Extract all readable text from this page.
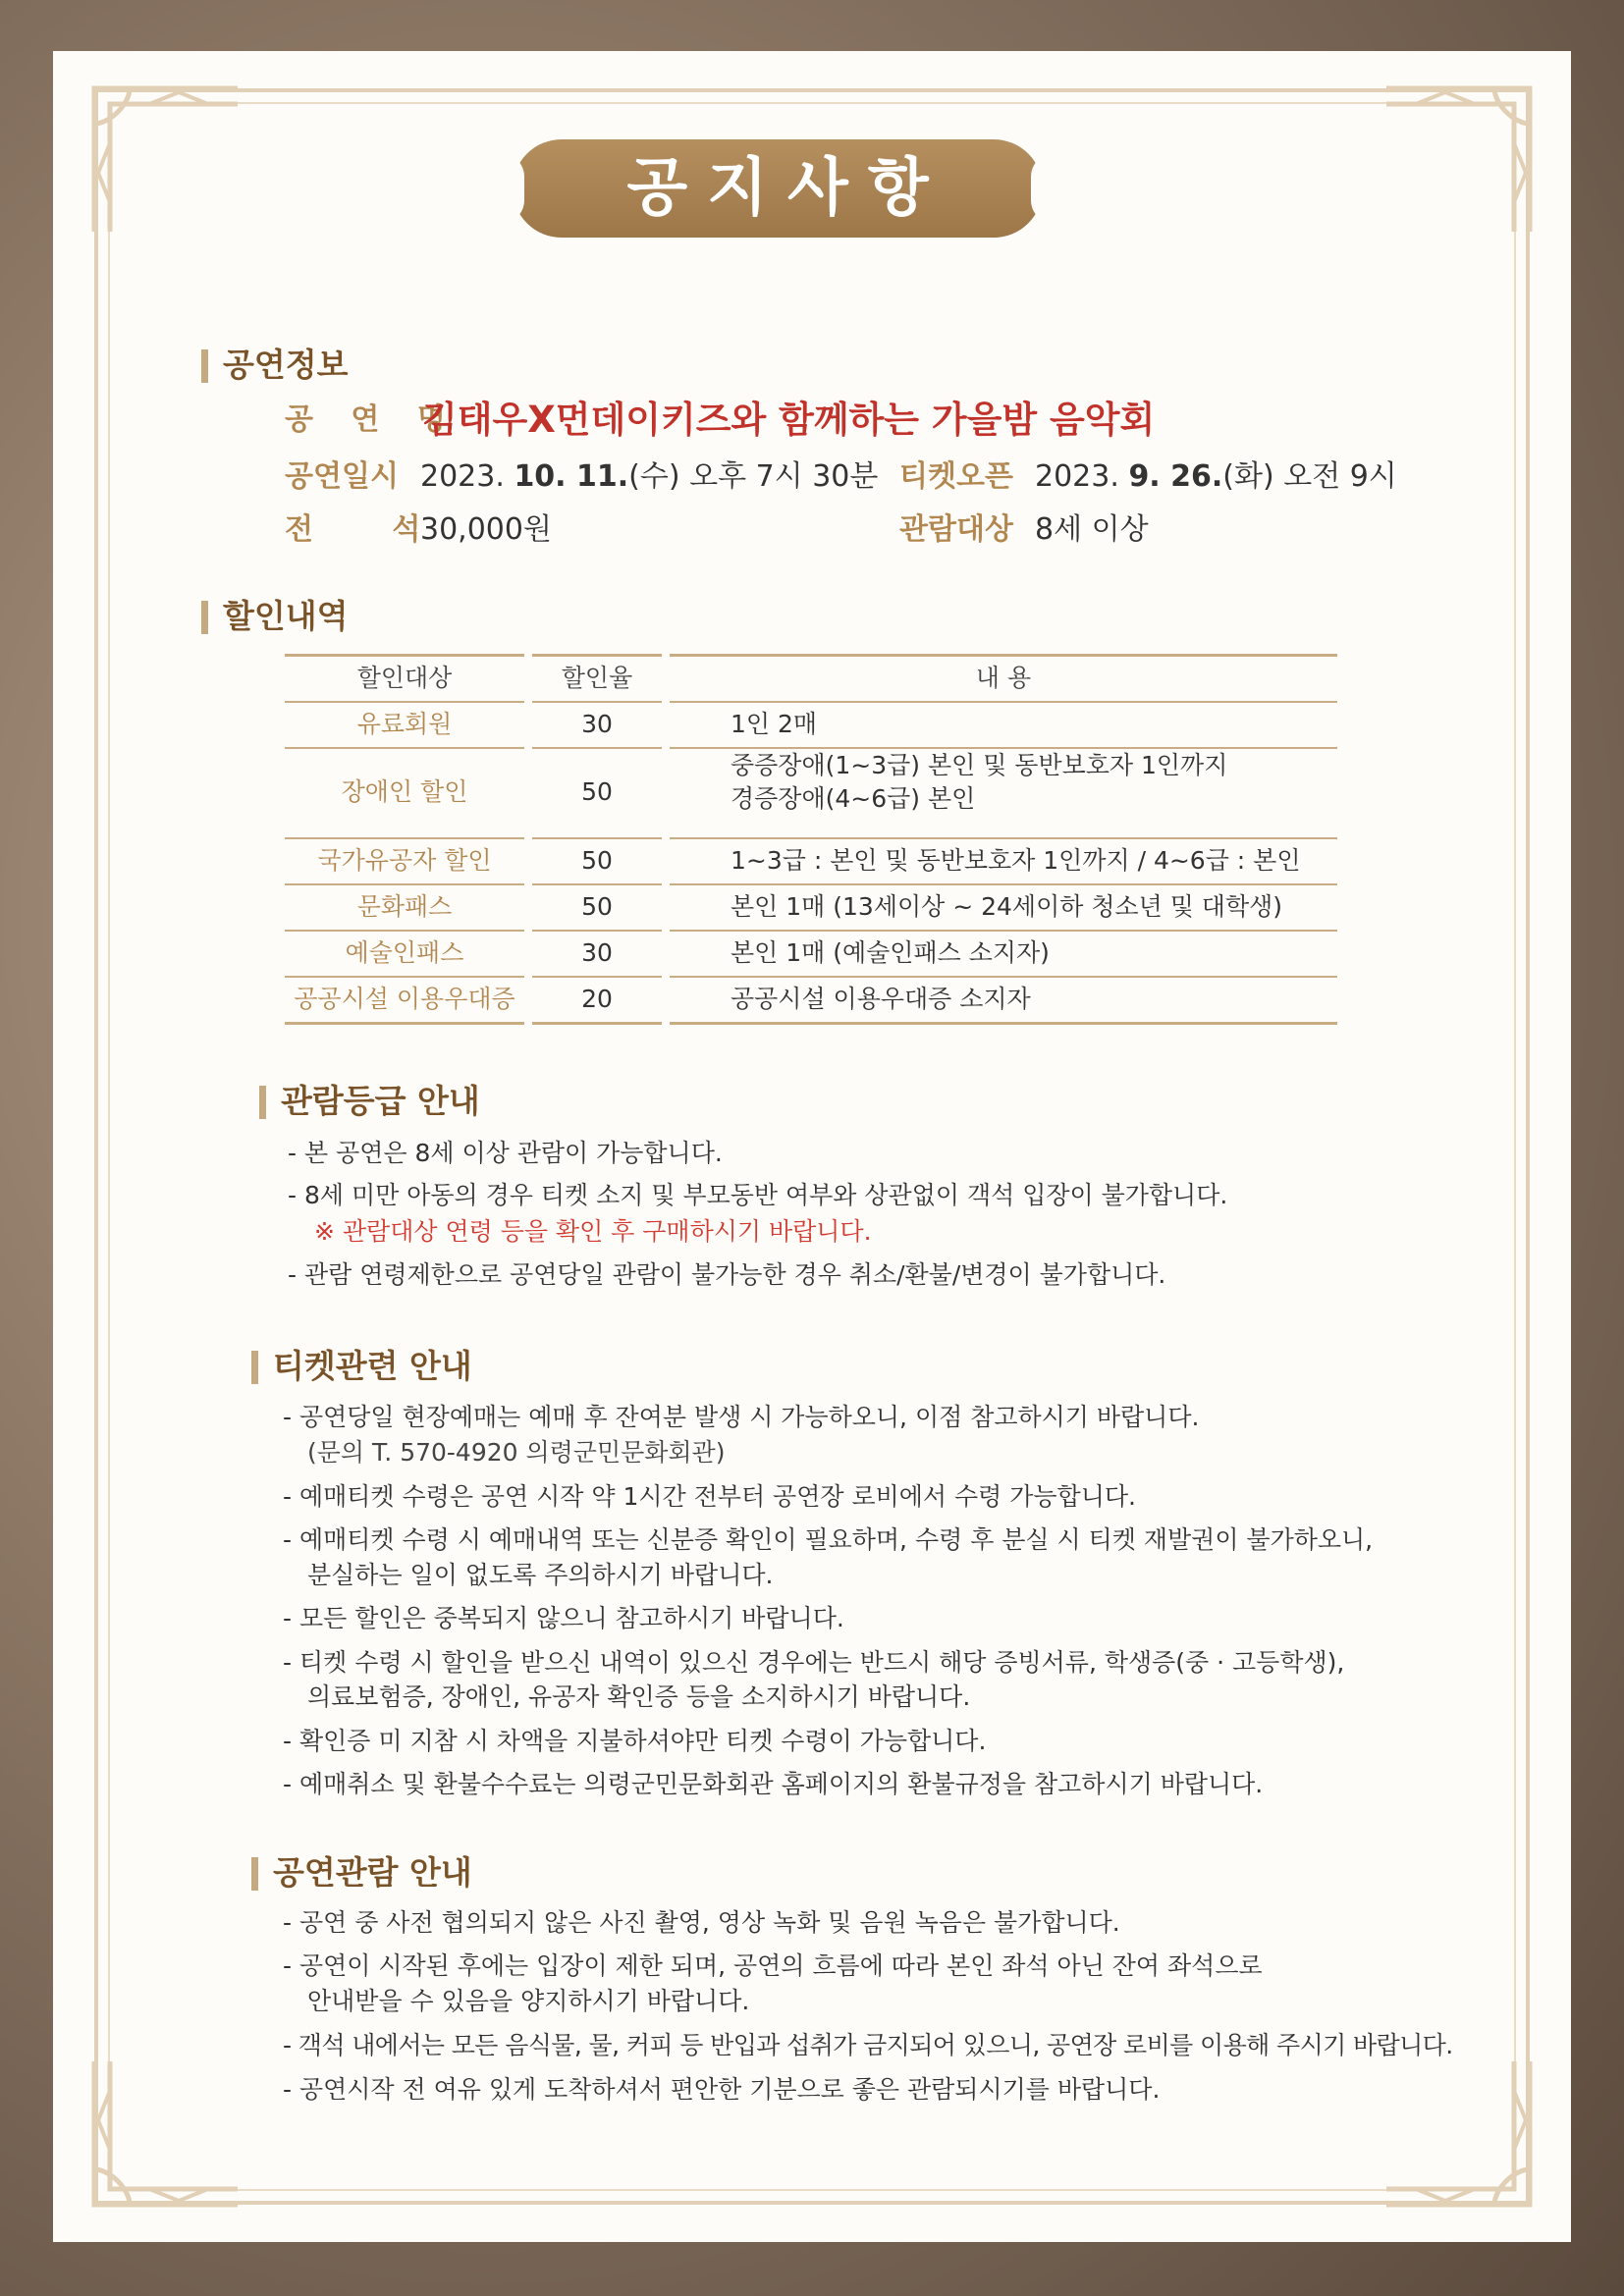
공지사항
공연정보
공 연 명
김태우X먼데이키즈와 함께하는 가을밤 음악회
공연일시 2023. 10. 11.(수) 오후 7시 30분 티켓오픈 2023. 9. 26.(화) 오전 9시
전 석 30,000원	관람대상 8세 이상
할인내역
할인대상	할인율	내 용
유료회원	30	1인 2매
장애인 할인	50
중증장애(1~3급) 본인 및 동반보호자 1인까지
경증장애(4~6급) 본인
국가유공자 할인	50	1~3급 : 본인 및 동반보호자 1인까지 / 4~6급 : 본인
문화패스	50	본인 1매 (13세이상 ~ 24세이하 청소년 및 대학생)
예술인패스	30	본인 1매 (예술인패스 소지자)
공공시설 이용우대증	20	공공시설 이용우대증 소지자
관람등급 안내
- 본 공연은 8세 이상 관람이 가능합니다.
- 8세 미만 아동의 경우 티켓 소지 및 부모동반 여부와 상관없이 객석 입장이 불가합니다.
※ 관람대상 연령 등을 확인 후 구매하시기 바랍니다.
- 관람 연령제한으로 공연당일 관람이 불가능한 경우 취소/환불/변경이 불가합니다.
티켓관련 안내
- 공연당일 현장예매는 예매 후 잔여분 발생 시 가능하오니, 이점 참고하시기 바랍니다.
(문의 T. 570-4920 의령군민문화회관)
- 예매티켓 수령은 공연 시작 약 1시간 전부터 공연장 로비에서 수령 가능합니다.
- 예매티켓 수령 시 예매내역 또는 신분증 확인이 필요하며, 수령 후 분실 시 티켓 재발권이 불가하오니,
분실하는 일이 없도록 주의하시기 바랍니다.
- 모든 할인은 중복되지 않으니 참고하시기 바랍니다.
- 티켓 수령 시 할인을 받으신 내역이 있으신 경우에는 반드시 해당 증빙서류, 학생증(중 · 고등학생),
의료보험증, 장애인, 유공자 확인증 등을 소지하시기 바랍니다.
- 확인증 미 지참 시 차액을 지불하셔야만 티켓 수령이 가능합니다.
- 예매취소 및 환불수수료는 의령군민문화회관 홈페이지의 환불규정을 참고하시기 바랍니다.
공연관람 안내
- 공연 중 사전 협의되지 않은 사진 촬영, 영상 녹화 및 음원 녹음은 불가합니다.
- 공연이 시작된 후에는 입장이 제한 되며, 공연의 흐름에 따라 본인 좌석 아닌 잔여 좌석으로
안내받을 수 있음을 양지하시기 바랍니다.
- 객석 내에서는 모든 음식물, 물, 커피 등 반입과 섭취가 금지되어 있으니, 공연장 로비를 이용해 주시기 바랍니다.
- 공연시작 전 여유 있게 도착하셔서 편안한 기분으로 좋은 관람되시기를 바랍니다.
